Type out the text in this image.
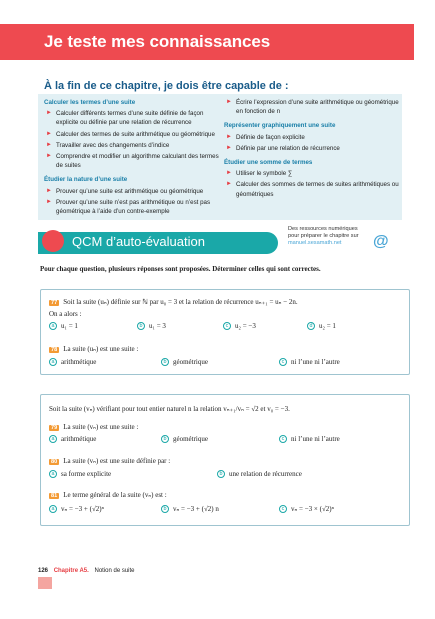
Je teste mes connaissances
À la fin de ce chapitre, je dois être capable de :
Calculer les termes d’une suite
► Calculer différents termes d’une suite définie de façon explicite ou définie par une relation de récurrence
► Calculer des termes de suite arithmétique ou géométrique
► Travailler avec des changements d’indice
► Comprendre et modifier un algorithme calculant des termes de suites
Étudier la nature d’une suite
► Prouver qu’une suite est arithmétique ou géométrique
► Prouver qu’une suite n’est pas arithmétique ou n’est pas géométrique à l’aide d’un contre-exemple
► Écrire l’expression d’une suite arithmétique ou géométrique en fonction de n
Représenter graphiquement une suite
► Définie de façon explicite
► Définie par une relation de récurrence
Étudier une somme de termes
► Utiliser le symbole ∑
► Calculer des sommes de termes de suites arithmétiques ou géométriques
QCM d’auto-évaluation
Des ressources numériques pour préparer le chapitre sur manuel.sesamath.net	@
Pour chaque question, plusieurs réponses sont proposées. Déterminer celles qui sont correctes.
77 Soit la suite (uₙ) définie sur ℕ par u₀ = 3 et la relation de récurrence uₙ₊₁ = uₙ − 2n.
On a alors :
a u₁ = 1	b u₁ = 3	c u₂ = −3	d u₂ = 1
78 La suite (uₙ) est une suite :
a arithmétique	b géométrique	c ni l’une ni l’autre
Soit la suite (vₙ) vérifiant pour tout entier naturel n la relation vₙ₊₁/vₙ = √2 et v₀ = −3.
79 La suite (vₙ) est une suite :
a arithmétique	b géométrique	c ni l’une ni l’autre
80 La suite (vₙ) est une suite définie par :
a sa forme explicite	b une relation de récurrence
81 Le terme général de la suite (vₙ) est :
a vₙ = −3 + (√2)ⁿ	b vₙ = −3 + (√2) n	c vₙ = −3 × (√2)ⁿ
126 Chapitre A5. Notion de suite
